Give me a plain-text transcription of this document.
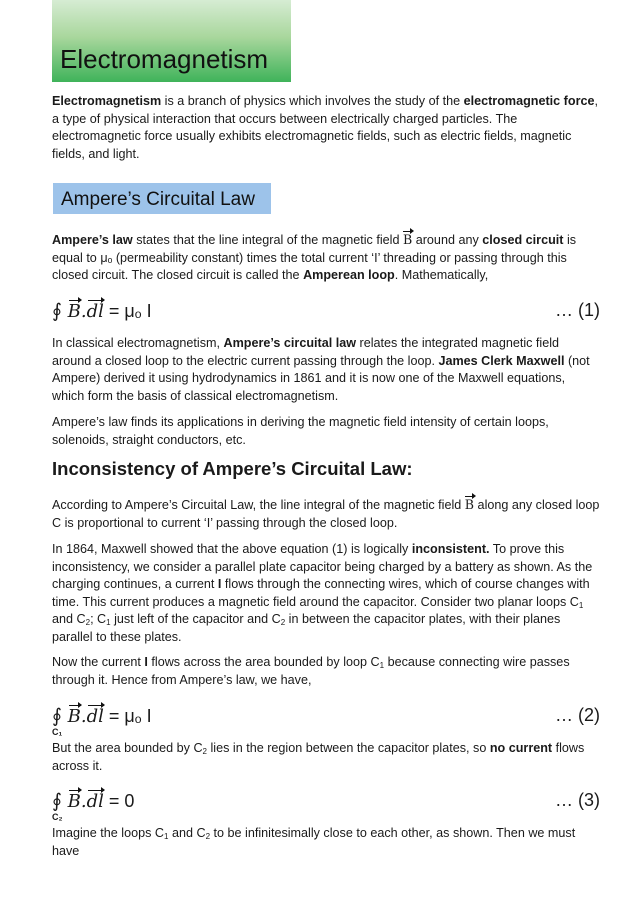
Electromagnetism

Electromagnetism is a branch of physics which involves the study of the electromagnetic force, a type of physical interaction that occurs between electrically charged particles. The electromagnetic force usually exhibits electromagnetic fields, such as electric fields, magnetic fields, and light.

Ampere’s Circuital Law

Ampere’s law states that the line integral of the magnetic field B around any closed circuit is equal to μₒ (permeability constant) times the total current ‘I’ threading or passing through this closed circuit. The closed circuit is called the Amperean loop. Mathematically,

∮ B.dl = μₒ I	… (1)

In classical electromagnetism, Ampere’s circuital law relates the integrated magnetic field around a closed loop to the electric current passing through the loop. James Clerk Maxwell (not Ampere) derived it using hydrodynamics in 1861 and it is now one of the Maxwell equations, which form the basis of classical electromagnetism.

Ampere’s law finds its applications in deriving the magnetic field intensity of certain loops, solenoids, straight conductors, etc.

Inconsistency of Ampere’s Circuital Law:

According to Ampere’s Circuital Law, the line integral of the magnetic field B along any closed loop C is proportional to current ‘I’ passing through the closed loop.

In 1864, Maxwell showed that the above equation (1) is logically inconsistent. To prove this inconsistency, we consider a parallel plate capacitor being charged by a battery as shown. As the charging continues, a current I flows through the connecting wires, which of course changes with time. This current produces a magnetic field around the capacitor. Consider two planar loops $C_1$ and $C_2$; $C_1$ just left of the capacitor and $C_2$ in between the capacitor plates, with their planes parallel to these plates.

Now the current I flows across the area bounded by loop $C_1$ because connecting wire passes through it. Hence from Ampere’s law, we have,

∮ B.dl = μₒ I
C₁
… (2)

But the area bounded by $C_2$ lies in the region between the capacitor plates, so no current flows across it.

∮ B.dl = 0
C₂
… (3)

Imagine the loops $C_1$ and $C_2$ to be infinitesimally close to each other, as shown. Then we must have
